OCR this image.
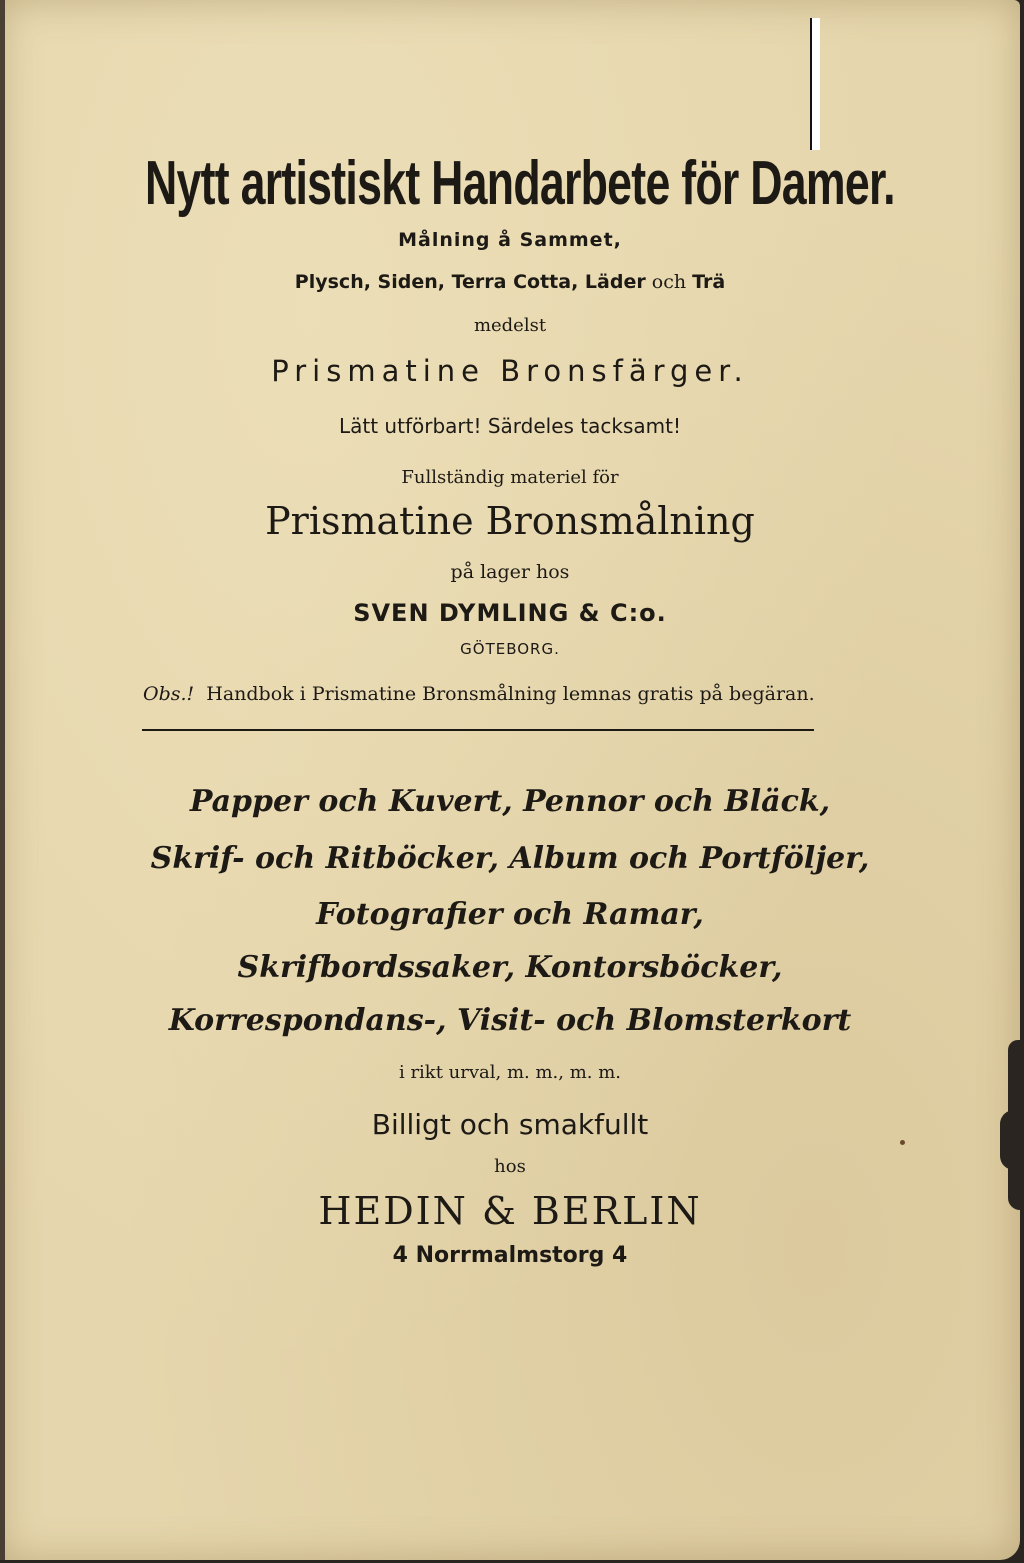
Nytt artistiskt Handarbete för Damer.
Målning å Sammet,
Plysch, Siden, Terra Cotta, Läder och Trä
medelst
Prismatine Bronsfärger.
Lätt utförbart! Särdeles tacksamt!
Fullständig materiel för
Prismatine Bronsmålning
på lager hos
SVEN DYMLING & C:o.
GÖTEBORG.
Obs.! Handbok i Prismatine Bronsmålning lemnas gratis på begäran.
Papper och Kuvert, Pennor och Bläck,
Skrif- och Ritböcker, Album och Portföljer,
Fotografier och Ramar,
Skrifbordssaker, Kontorsböcker,
Korrespondans-, Visit- och Blomsterkort
i rikt urval, m. m., m. m.
Billigt och smakfullt
hos
HEDIN & BERLIN
4 Norrmalmstorg 4
